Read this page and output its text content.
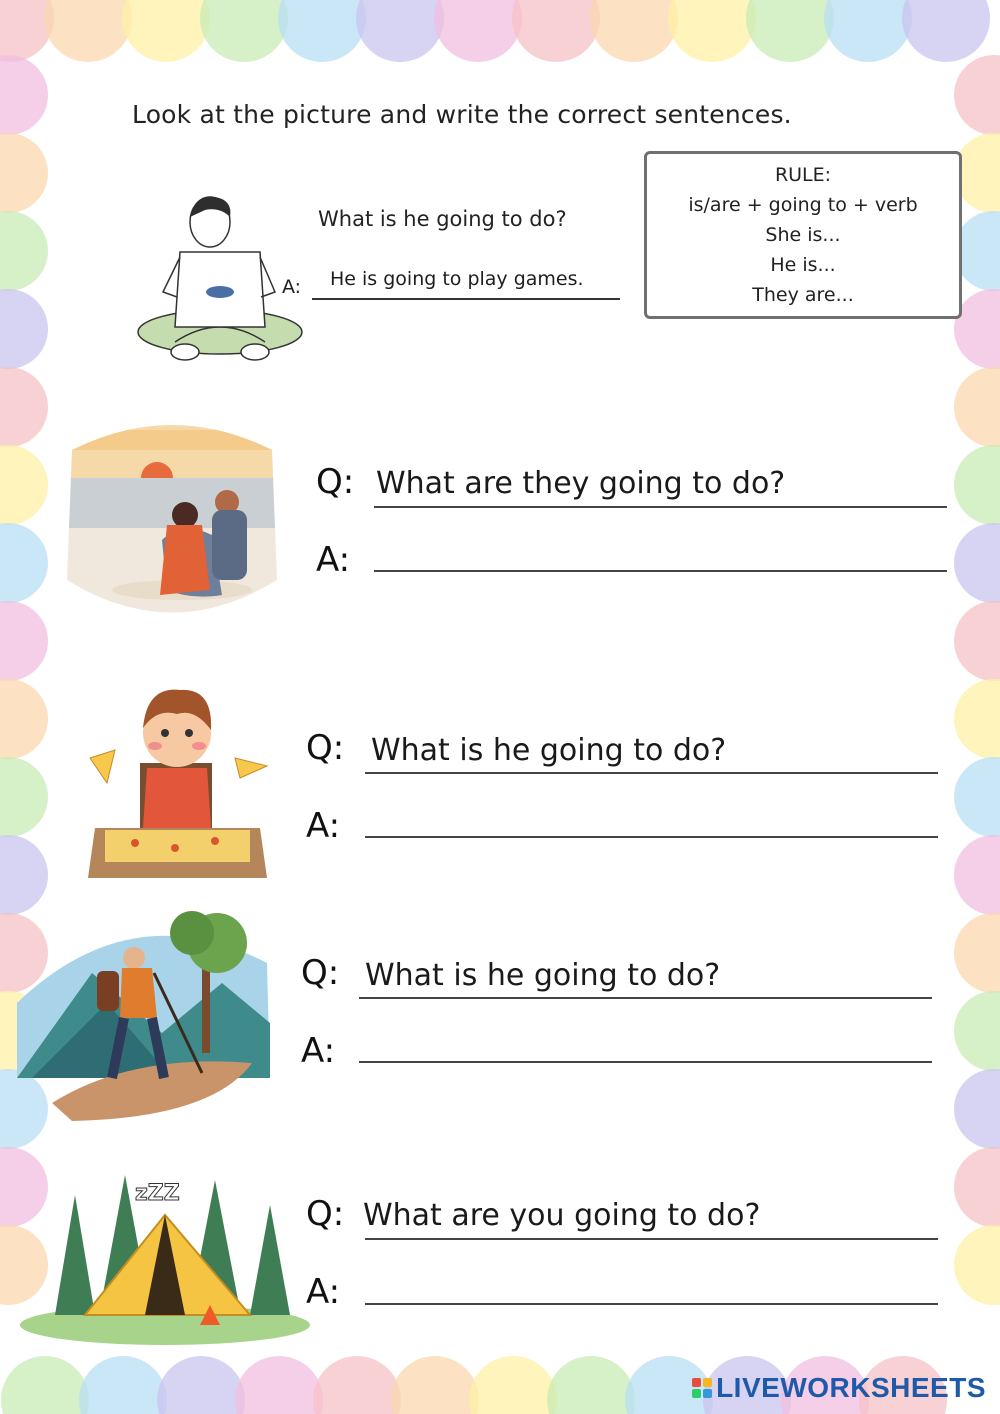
Look at the picture and write the correct sentences.
RULE:
is/are + going to + verb
She is...
He is...
They are...
What is he going to do?
A: He is going to play games.
Q: What are they going to do?
A:
Q: What is he going to do?
A:
Q: What is he going to do?
A:
zZZ
Q: What are you going to do?
A:
LIVEWORKSHEETS
